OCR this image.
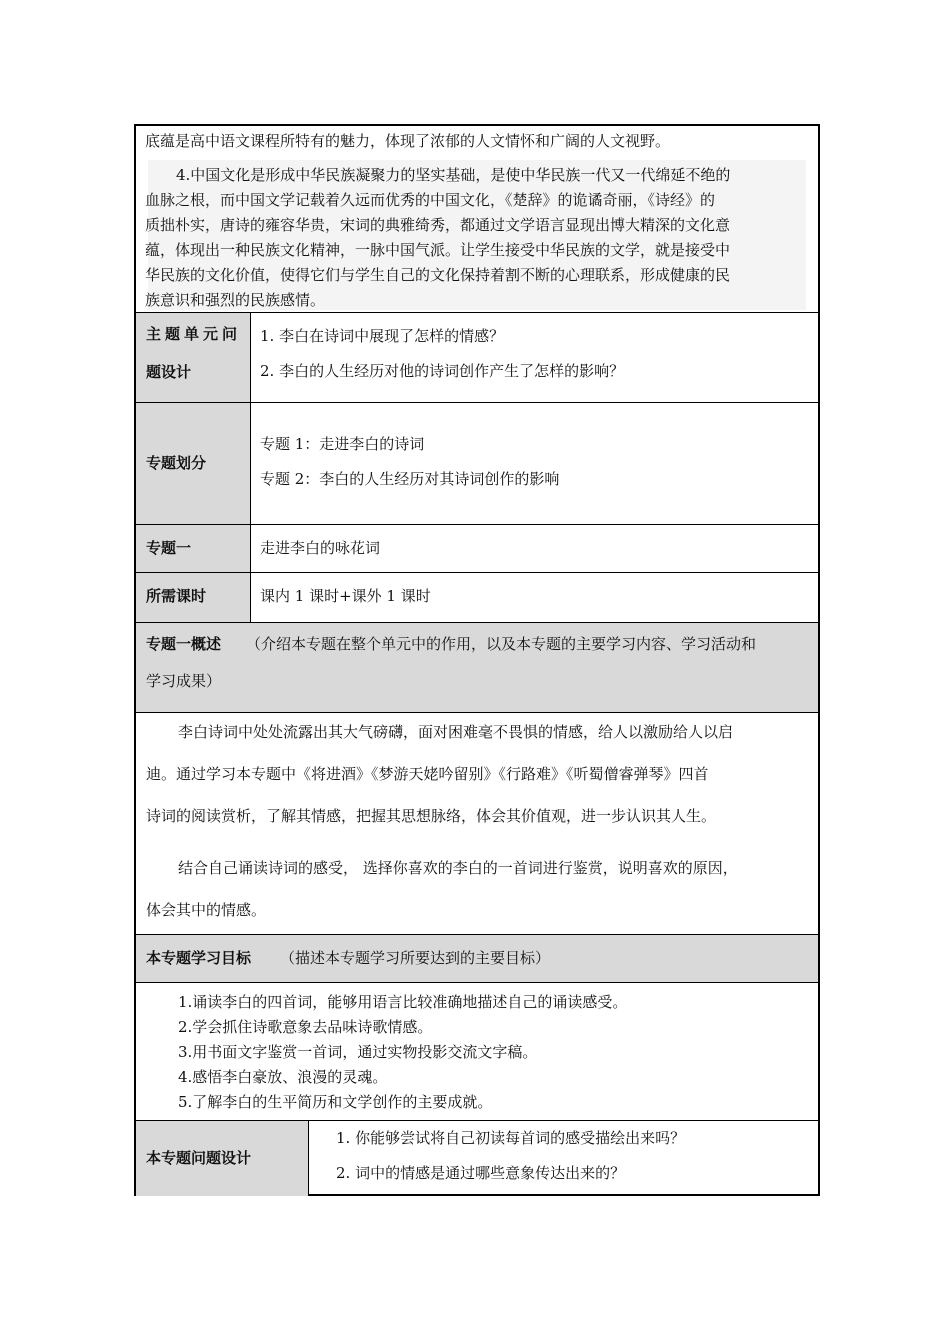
底蕴是高中语文课程所特有的魅力，体现了浓郁的人文情怀和广阔的人文视野。
4.中国文化是形成中华民族凝聚力的坚实基础，是使中华民族一代又一代绵延不绝的
血脉之根，而中国文学记载着久远而优秀的中国文化，《楚辞》的诡谲奇丽，《诗经》的
质拙朴实，唐诗的雍容华贵，宋词的典雅绮秀，都通过文学语言显现出博大精深的文化意
蕴，体现出一种民族文化精神，一脉中国气派。让学生接受中华民族的文学，就是接受中
华民族的文化价值，使得它们与学生自己的文化保持着割不断的心理联系，形成健康的民
族意识和强烈的民族感情。
主题单元问
题设计
1. 李白在诗词中展现了怎样的情感？
2. 李白的人生经历对他的诗词创作产生了怎样的影响？
专题划分
专题 1：走进李白的诗词
专题 2：李白的人生经历对其诗词创作的影响
专题一	走进李白的咏花词
所需课时	课内 1 课时+课外 1 课时
专题一概述 （介绍本专题在整个单元中的作用，以及本专题的主要学习内容、学习活动和
学习成果）
李白诗词中处处流露出其大气磅礴，面对困难毫不畏惧的情感，给人以激励给人以启
迪。通过学习本专题中《将进酒》《梦游天姥吟留别》《行路难》《听蜀僧睿弹琴》四首
诗词的阅读赏析，了解其情感，把握其思想脉络，体会其价值观，进一步认识其人生。
结合自己诵读诗词的感受， 选择你喜欢的李白的一首词进行鉴赏，说明喜欢的原因，
体会其中的情感。
本专题学习目标 （描述本专题学习所要达到的主要目标）
1.诵读李白的四首词，能够用语言比较准确地描述自己的诵读感受。
2.学会抓住诗歌意象去品味诗歌情感。
3.用书面文字鉴赏一首词，通过实物投影交流文字稿。
4.感悟李白豪放、浪漫的灵魂。
5.了解李白的生平简历和文学创作的主要成就。
本专题问题设计
1. 你能够尝试将自己初读每首词的感受描绘出来吗？
2. 词中的情感是通过哪些意象传达出来的？
